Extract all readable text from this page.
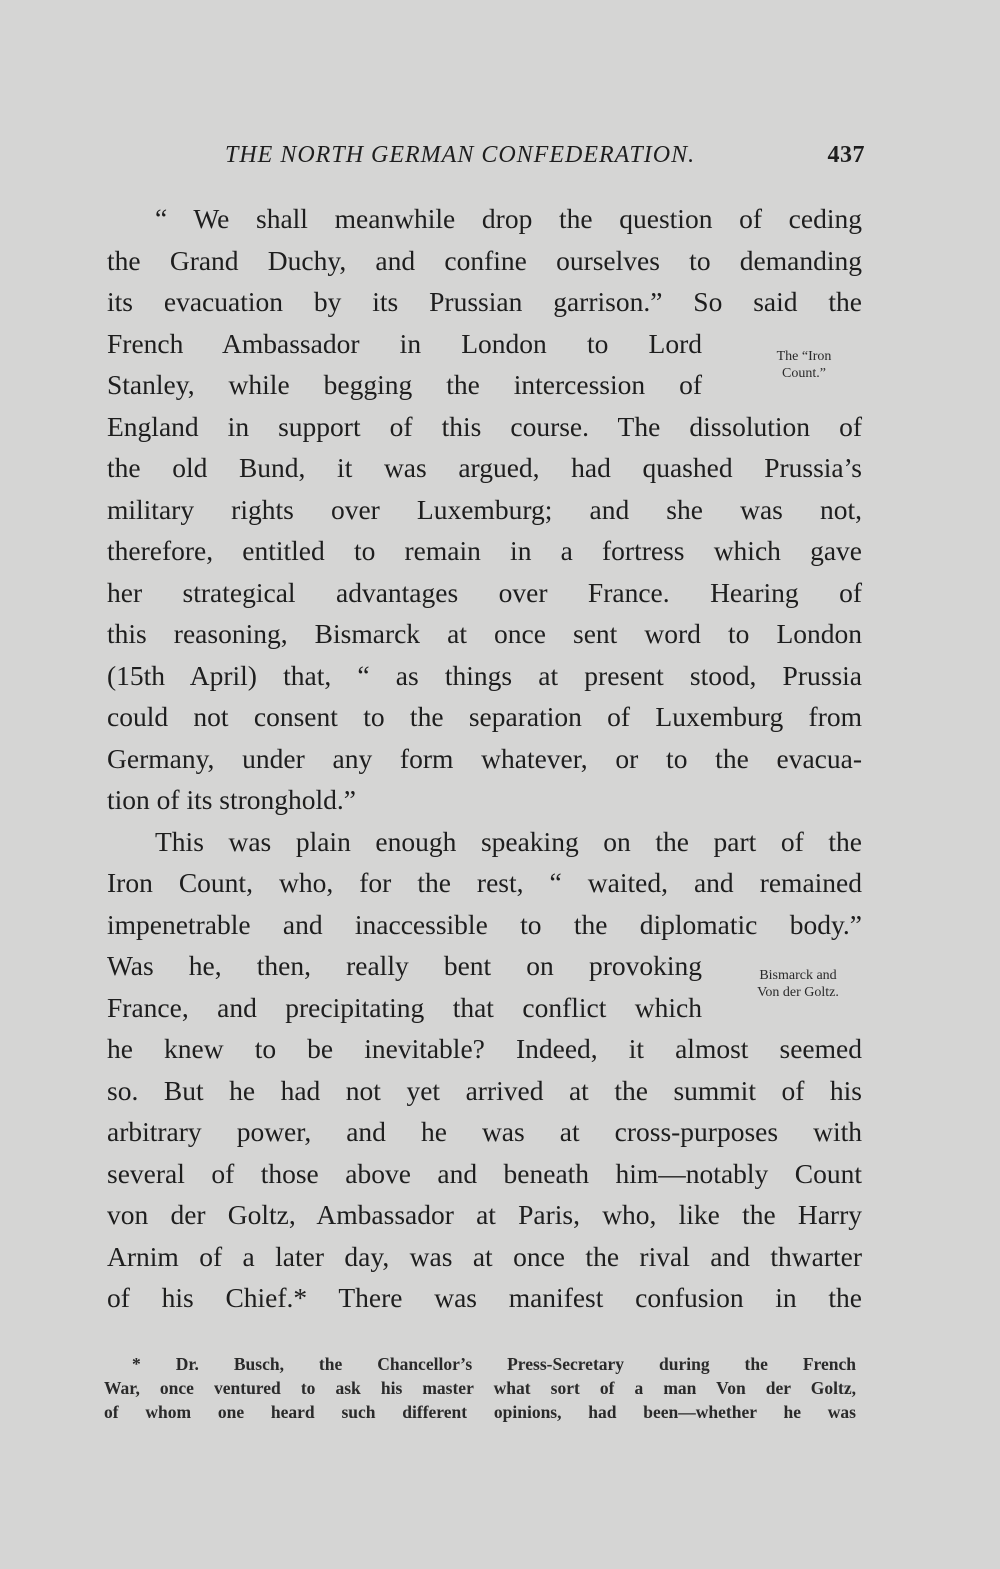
THE NORTH GERMAN CONFEDERATION.	437
“ We shall meanwhile drop the question of ceding
the Grand Duchy, and confine ourselves to demanding
its evacuation by its Prussian garrison.” So said the
French Ambassador in London to Lord
Stanley, while begging the intercession of
England in support of this course. The dissolution of
the old Bund, it was argued, had quashed Prussia’s
military rights over Luxemburg; and she was not,
therefore, entitled to remain in a fortress which gave
her strategical advantages over France. Hearing of
this reasoning, Bismarck at once sent word to London
(15th April) that, “ as things at present stood, Prussia
could not consent to the separation of Luxemburg from
Germany, under any form whatever, or to the evacua-
tion of its stronghold.”
This was plain enough speaking on the part of the
Iron Count, who, for the rest, “ waited, and remained
impenetrable and inaccessible to the diplomatic body.”
Was he, then, really bent on provoking
France, and precipitating that conflict which
he knew to be inevitable? Indeed, it almost seemed
so. But he had not yet arrived at the summit of his
arbitrary power, and he was at cross-purposes with
several of those above and beneath him—notably Count
von der Goltz, Ambassador at Paris, who, like the Harry
Arnim of a later day, was at once the rival and thwarter
of his Chief.* There was manifest confusion in the
The “Iron
Count.”
Bismarck and
Von der Goltz.
* Dr. Busch, the Chancellor’s Press-Secretary during the French
War, once ventured to ask his master what sort of a man Von der Goltz,
of whom one heard such different opinions, had been—whether he was
